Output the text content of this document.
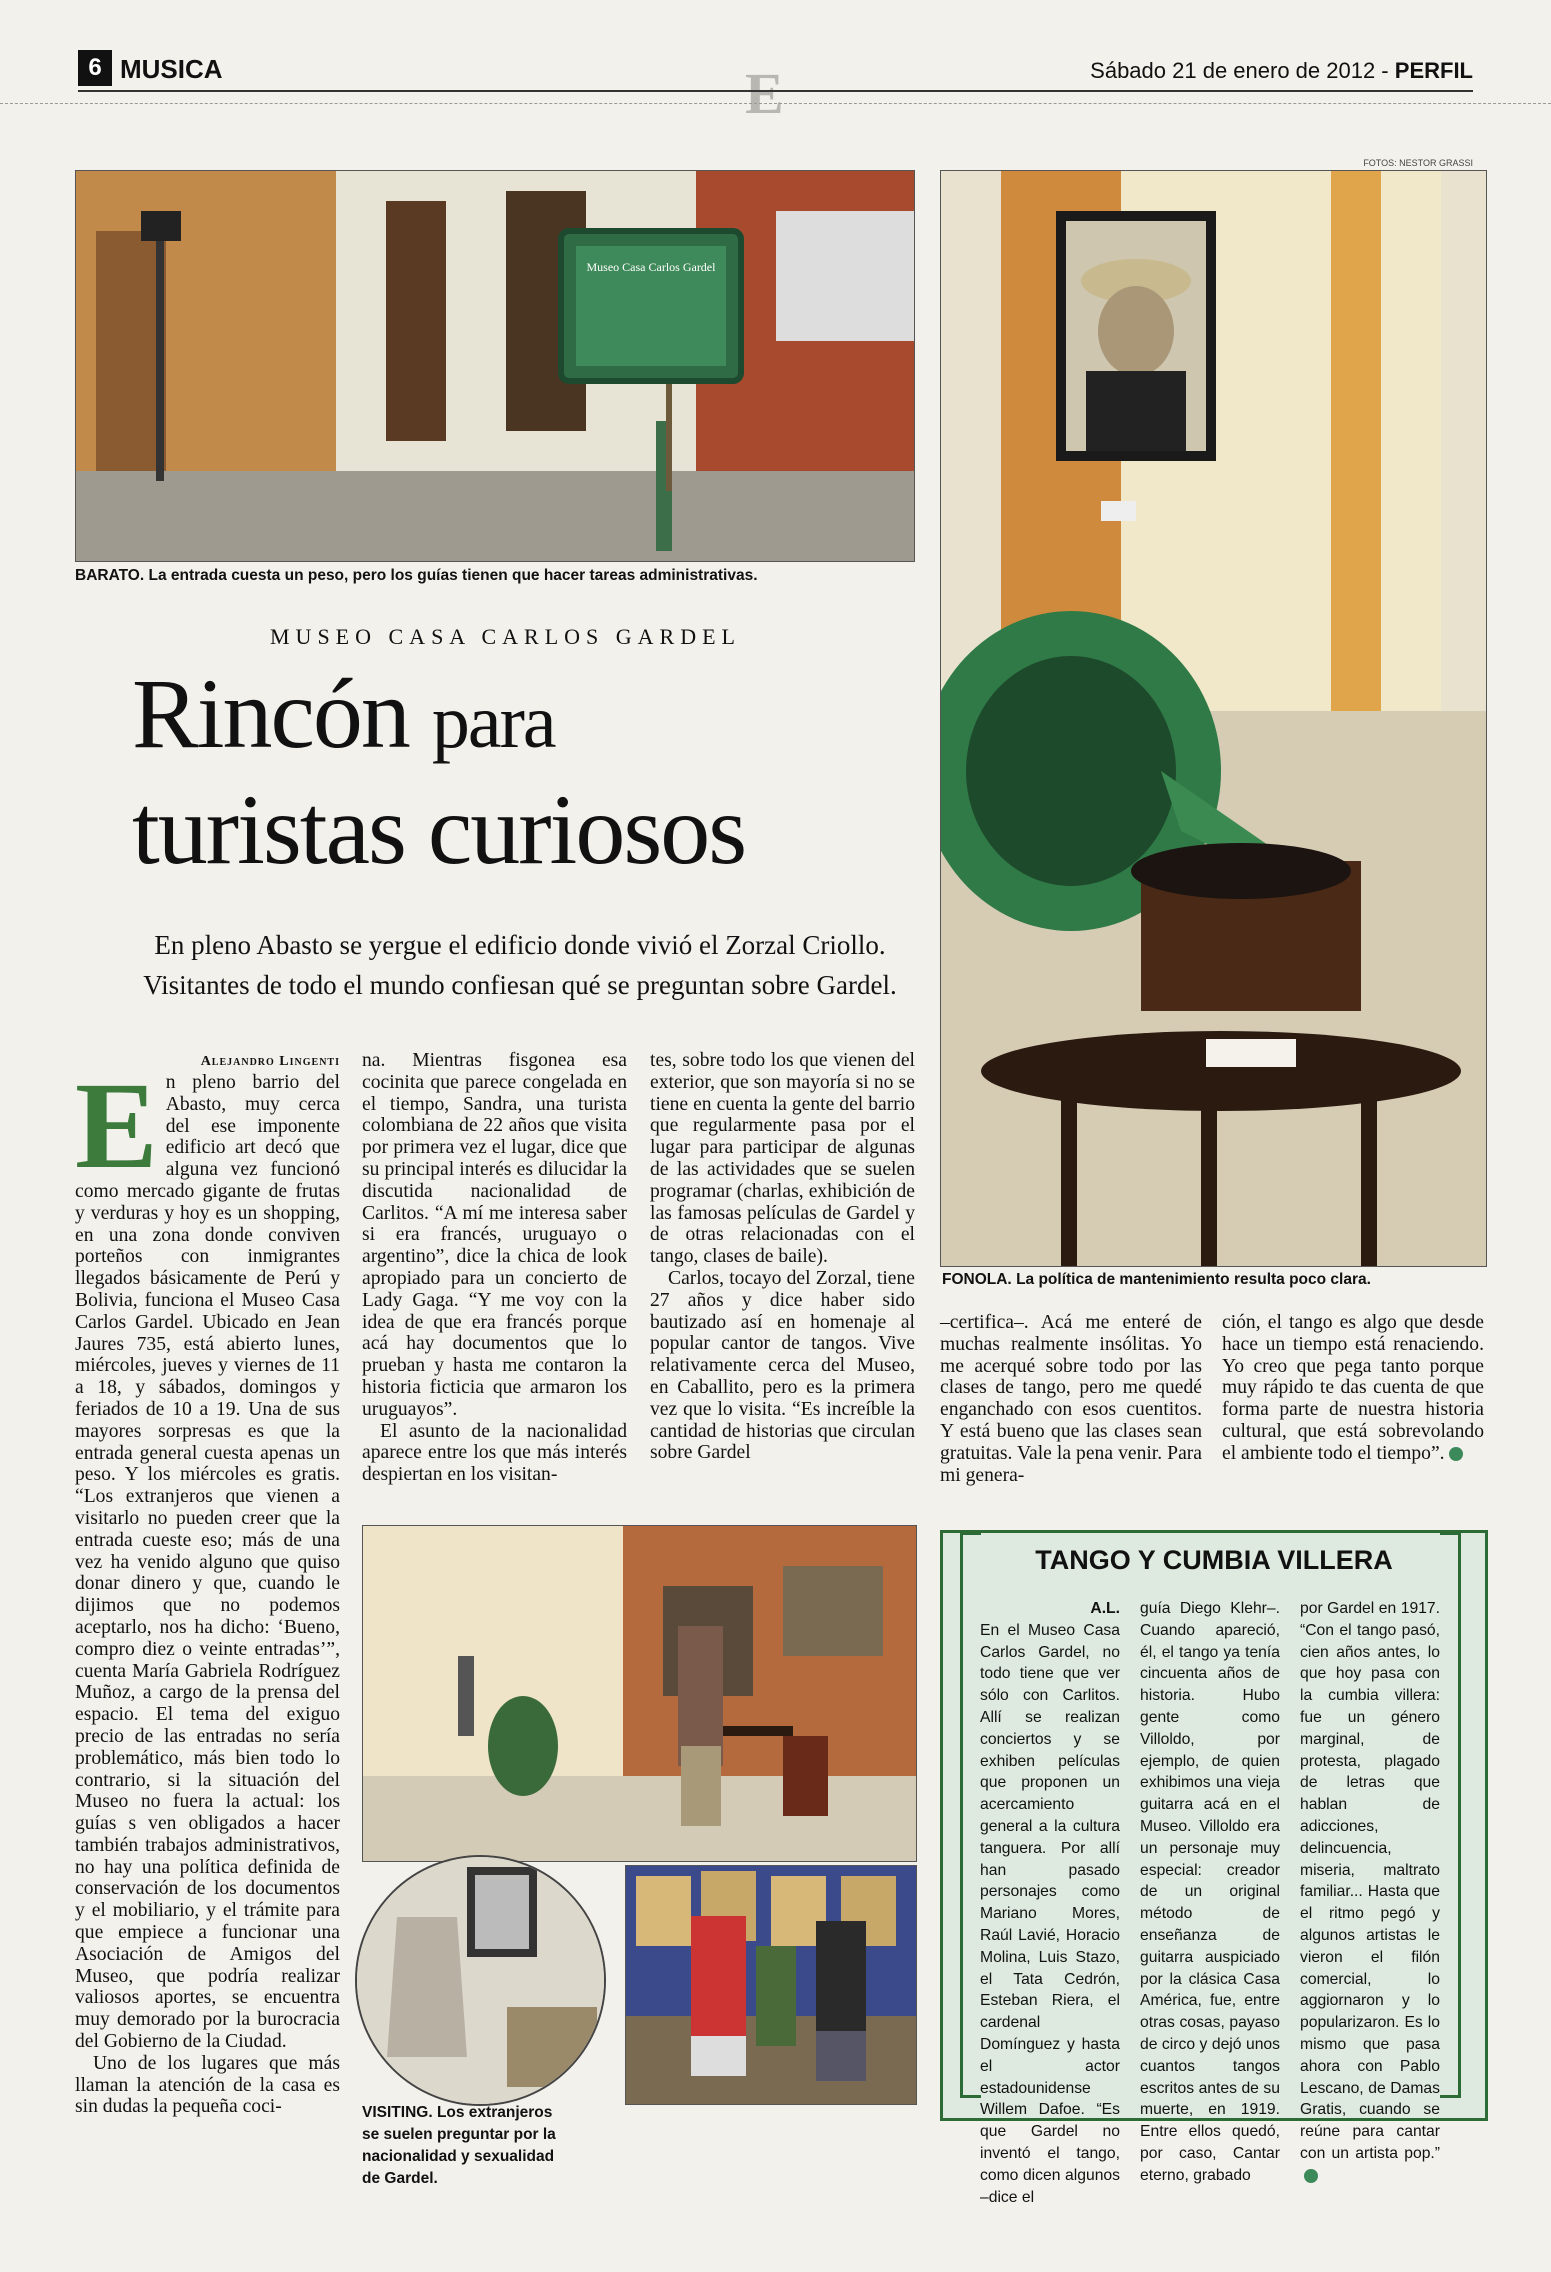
6 MUSICA	E	Sábado 21 de enero de 2012 - PERFIL
FOTOS: NESTOR GRASSI
Museo Casa Carlos Gardel
BARATO. La entrada cuesta un peso, pero los guías tienen que hacer tareas administrativas.
FONOLA. La política de mantenimiento resulta poco clara.
MUSEO CASA CARLOS GARDEL
Rincón para
turistas curiosos
En pleno Abasto se yergue el edificio donde vivió el Zorzal Criollo.
Visitantes de todo el mundo confiesan qué se preguntan sobre Gardel.
Alejandro Lingenti

En pleno barrio del Abasto, muy cerca del ese imponente edificio art decó que alguna vez funcionó como mercado gigante de frutas y verduras y hoy es un shopping, en una zona donde conviven porteños con inmigrantes llegados básicamente de Perú y Bolivia, funciona el Museo Casa Carlos Gardel. Ubicado en Jean Jaures 735, está abierto lunes, miércoles, jueves y viernes de 11 a 18, y sábados, domingos y feriados de 10 a 19. Una de sus mayores sorpresas es que la entrada general cuesta apenas un peso. Y los miércoles es gratis. “Los extranjeros que vienen a visitarlo no pueden creer que la entrada cueste eso; más de una vez ha venido alguno que quiso donar dinero y que, cuando le dijimos que no podemos aceptarlo, nos ha dicho: ‘Bueno, compro diez o veinte entradas’”, cuenta María Gabriela Rodríguez Muñoz, a cargo de la prensa del espacio. El tema del exiguo precio de las entradas no sería problemático, más bien todo lo contrario, si la situación del Museo no fuera la actual: los guías s ven obligados a hacer también trabajos administrativos, no hay una política definida de conservación de los documentos y el mobiliario, y el trámite para que empiece a funcionar una Asociación de Amigos del Museo, que podría realizar valiosos aportes, se encuentra muy demorado por la burocracia del Gobierno de la Ciudad.

Uno de los lugares que más llaman la atención de la casa es sin dudas la pequeña coci-

na. Mientras fisgonea esa cocinita que parece congelada en el tiempo, Sandra, una turista colombiana de 22 años que visita por primera vez el lugar, dice que su principal interés es dilucidar la discutida nacionalidad de Carlitos. “A mí me interesa saber si era francés, uruguayo o argentino”, dice la chica de look apropiado para un concierto de Lady Gaga. “Y me voy con la idea de que era francés porque acá hay documentos que lo prueban y hasta me contaron la historia ficticia que armaron los uruguayos”.

El asunto de la nacionalidad aparece entre los que más interés despiertan en los visitan-

tes, sobre todo los que vienen del exterior, que son mayoría si no se tiene en cuenta la gente del barrio que regularmente pasa por el lugar para participar de algunas de las actividades que se suelen programar (charlas, exhibición de las famosas películas de Gardel y de otras relacionadas con el tango, clases de baile).

Carlos, tocayo del Zorzal, tiene 27 años y dice haber sido bautizado así en homenaje al popular cantor de tangos. Vive relativamente cerca del Museo, en Caballito, pero es la primera vez que lo visita. “Es increíble la cantidad de historias que circulan sobre Gardel

–certifica–. Acá me enteré de muchas realmente insólitas. Yo me acerqué sobre todo por las clases de tango, pero me quedé enganchado con esos cuentitos. Y está bueno que las clases sean gratuitas. Vale la pena venir. Para mi genera-

ción, el tango es algo que desde hace un tiempo está renaciendo. Yo creo que pega tanto porque muy rápido te das cuenta de que forma parte de nuestra historia cultural, que está sobrevolando el ambiente todo el tiempo”.

VISITING. Los extranjeros se suelen preguntar por la nacionalidad y sexualidad de Gardel.
TANGO Y CUMBIA VILLERA
A.L.
En el Museo Casa Carlos Gardel, no todo tiene que ver sólo con Carlitos. Allí se realizan conciertos y se exhiben películas que proponen un acercamiento general a la cultura tanguera. Por allí han pasado personajes como Mariano Mores, Raúl Lavié, Horacio Molina, Luis Stazo, el Tata Cedrón, Esteban Riera, el cardenal Domínguez y hasta el actor estadounidense Willem Dafoe. “Es que Gardel no inventó el tango, como dicen algunos –dice el
guía Diego Klehr–. Cuando apareció, él, el tango ya tenía cincuenta años de historia. Hubo gente como Villoldo, por ejemplo, de quien exhibimos una vieja guitarra acá en el Museo. Villoldo era un personaje muy especial: creador de un original método de enseñanza de guitarra auspiciado por la clásica Casa América, fue, entre otras cosas, payaso de circo y dejó unos cuantos tangos escritos antes de su muerte, en 1919. Entre ellos quedó, por caso, Cantar eterno, grabado
por Gardel en 1917. “Con el tango pasó, cien años antes, lo que hoy pasa con la cumbia villera: fue un género marginal, de protesta, plagado de letras que hablan de adicciones, delincuencia, miseria, maltrato familiar... Hasta que el ritmo pegó y algunos artistas le vieron el filón comercial, lo aggiornaron y lo popularizaron. Es lo mismo que pasa ahora con Pablo Lescano, de Damas Gratis, cuando se reúne para cantar con un artista pop.”
